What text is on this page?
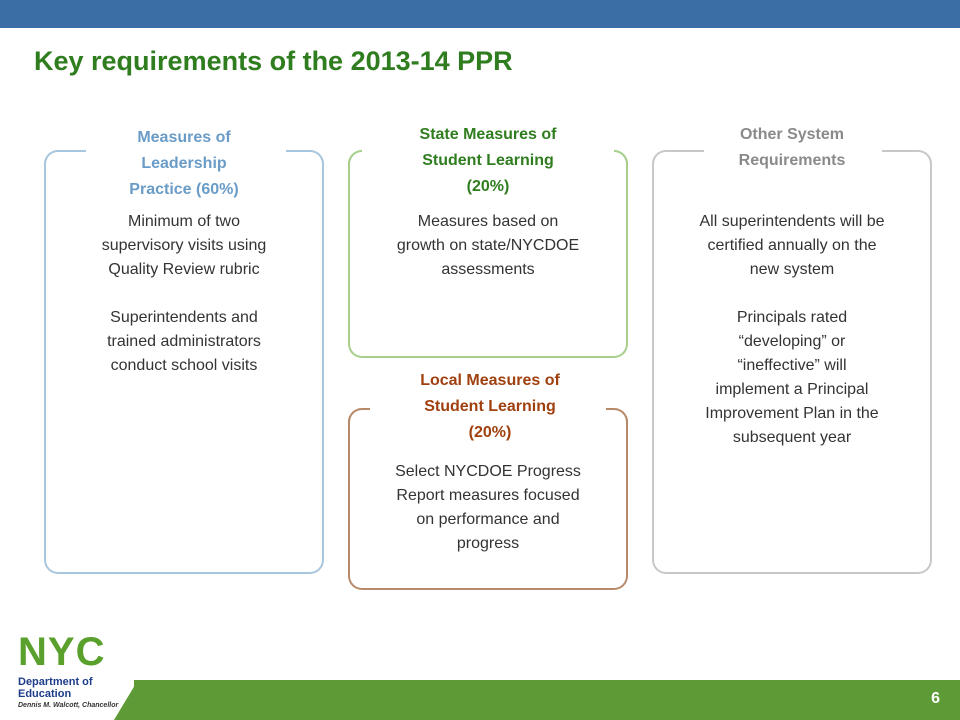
Key requirements of the 2013-14 PPR
Measures of
Leadership
Practice (60%)

Minimum of two

supervisory visits using

Quality Review rubric

Superintendents and

trained administrators

conduct school visits

State Measures of
Student Learning
(20%)

Measures based on

growth on state/NYCDOE

assessments

Local Measures of
Student Learning
(20%)

Select NYCDOE Progress

Report measures focused

on performance and

progress

Other System
Requirements

All superintendents will be

certified annually on the

new system

Principals rated

“developing” or

“ineffective” will

implement a Principal

Improvement Plan in the

subsequent year

6
NYC
Department of
Education
Dennis M. Walcott, Chancellor
